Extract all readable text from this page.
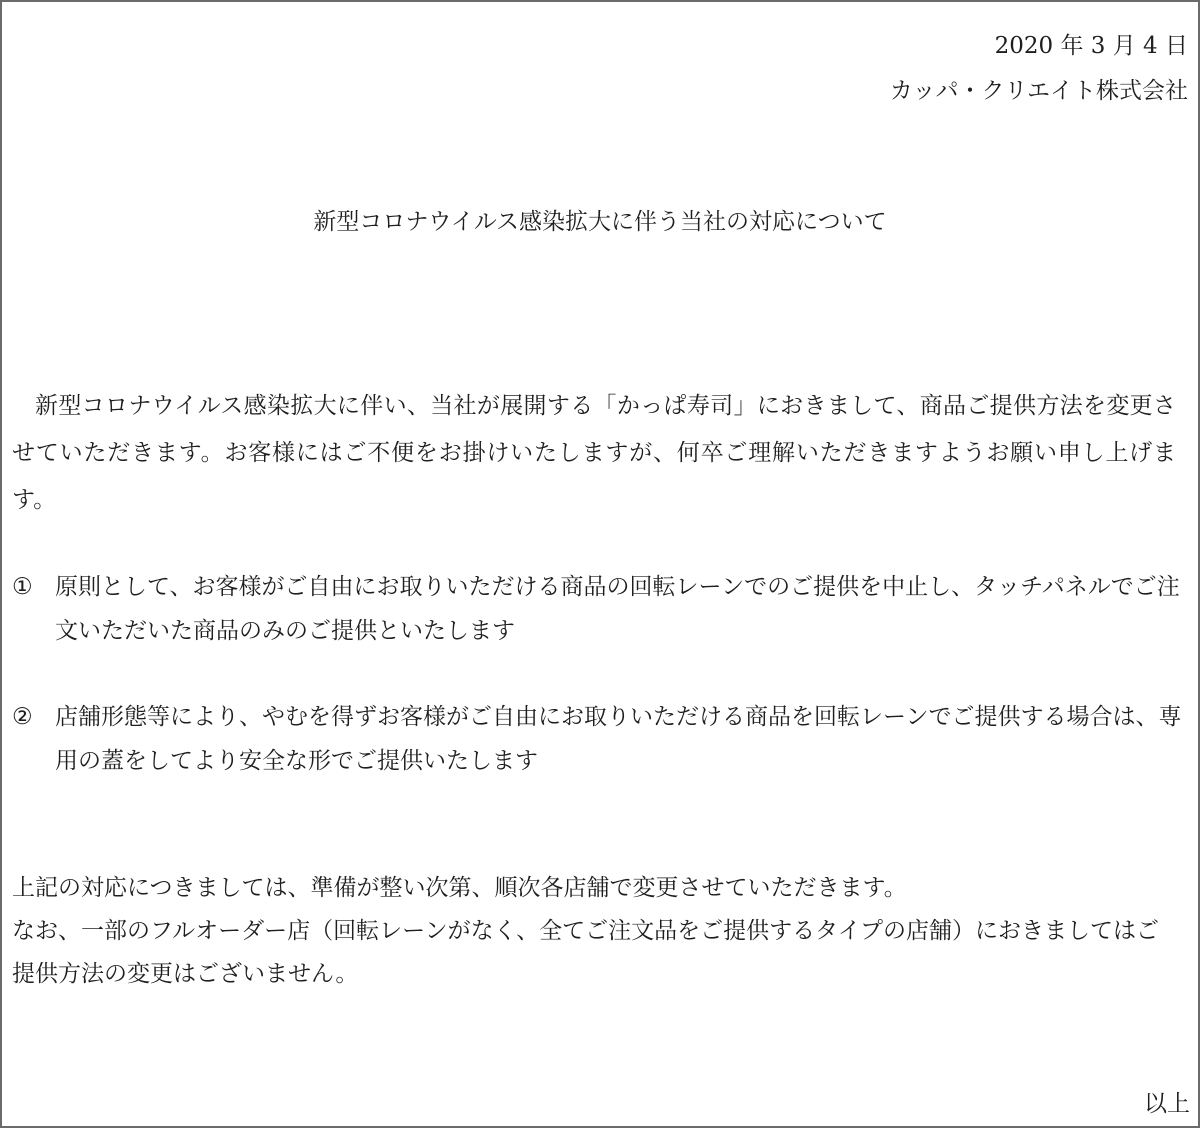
2020 年 3 月 4 日
カッパ・クリエイト株式会社
新型コロナウイルス感染拡大に伴う当社の対応について
新型コロナウイルス感染拡大に伴い、当社が展開する「かっぱ寿司」におきまして、商品ご提供方法を変更させていただきます。お客様にはご不便をお掛けいたしますが、何卒ご理解いただきますようお願い申し上げます。
① 原則として、お客様がご自由にお取りいただける商品の回転レーンでのご提供を中止し、タッチパネルでご注文いただいた商品のみのご提供といたします
② 店舗形態等により、やむを得ずお客様がご自由にお取りいただける商品を回転レーンでご提供する場合は、専用の蓋をしてより安全な形でご提供いたします
上記の対応につきましては、準備が整い次第、順次各店舗で変更させていただきます。
なお、一部のフルオーダー店（回転レーンがなく、全てご注文品をご提供するタイプの店舗）におきましてはご提供方法の変更はございません。
以上
